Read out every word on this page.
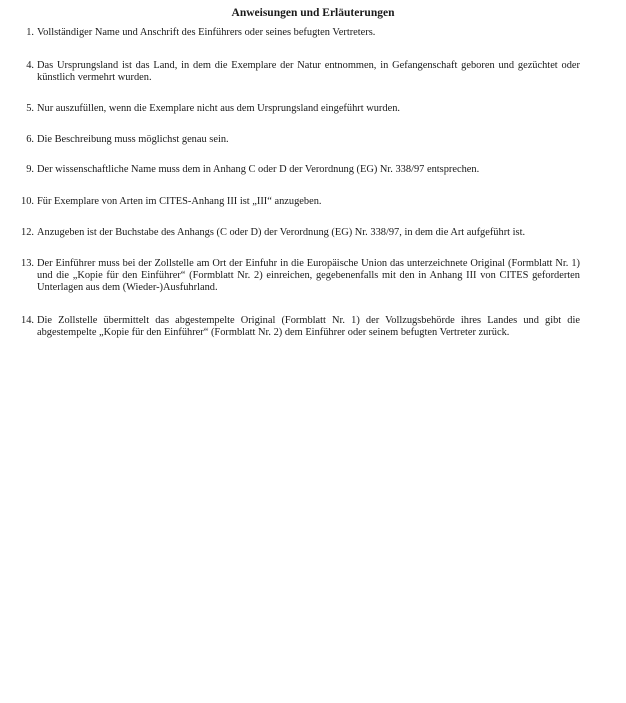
Anweisungen und Erläuterungen
1. Vollständiger Name und Anschrift des Einführers oder seines befugten Vertreters.
4. Das Ursprungsland ist das Land, in dem die Exemplare der Natur entnommen, in Gefangenschaft geboren und gezüchtet oder künstlich vermehrt wurden.
5. Nur auszufüllen, wenn die Exemplare nicht aus dem Ursprungsland eingeführt wurden.
6. Die Beschreibung muss möglichst genau sein.
9. Der wissenschaftliche Name muss dem in Anhang C oder D der Verordnung (EG) Nr. 338/97 entsprechen.
10. Für Exemplare von Arten im CITES-Anhang III ist „III“ anzugeben.
12. Anzugeben ist der Buchstabe des Anhangs (C oder D) der Verordnung (EG) Nr. 338/97, in dem die Art aufgeführt ist.
13. Der Einführer muss bei der Zollstelle am Ort der Einfuhr in die Europäische Union das unterzeichnete Original (Formblatt Nr. 1) und die „Kopie für den Einführer“ (Formblatt Nr. 2) einreichen, gegebenenfalls mit den in Anhang III von CITES geforderten Unterlagen aus dem (Wieder-)Ausfuhrland.
14. Die Zollstelle übermittelt das abgestempelte Original (Formblatt Nr. 1) der Vollzugsbehörde ihres Landes und gibt die abgestempelte „Kopie für den Einführer“ (Formblatt Nr. 2) dem Einführer oder seinem befugten Vertreter zurück.
